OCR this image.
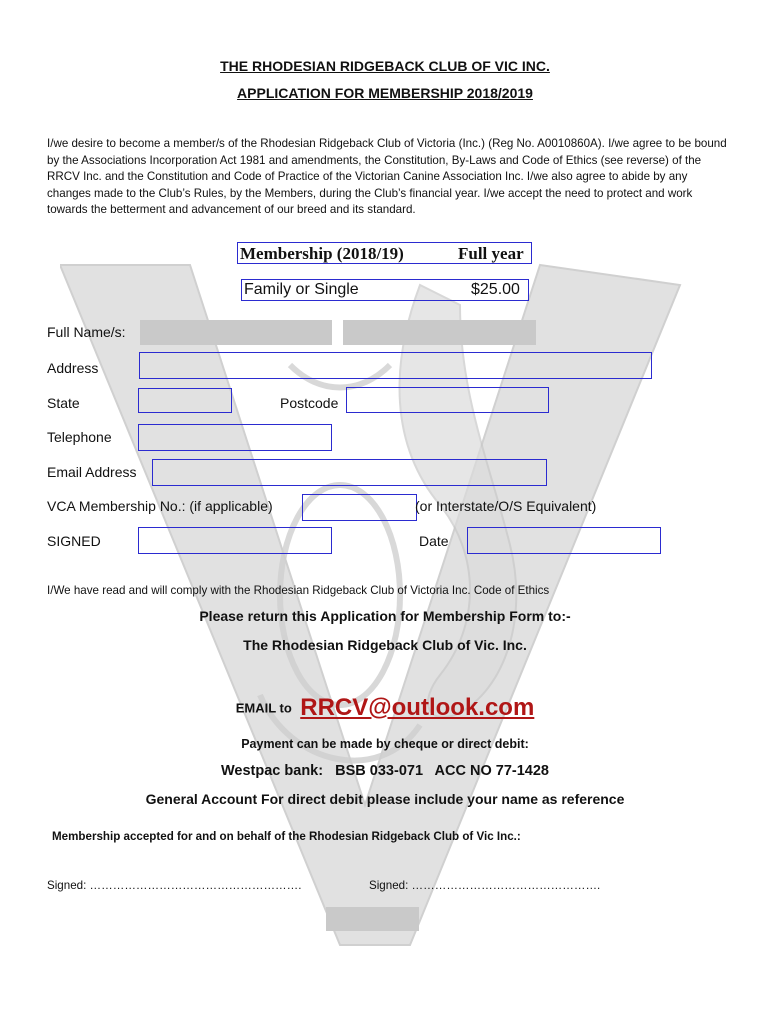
THE RHODESIAN RIDGEBACK CLUB OF VIC INC.
APPLICATION FOR MEMBERSHIP 2018/2019
I/we desire to become a member/s of the Rhodesian Ridgeback Club of Victoria (Inc.) (Reg No. A0010860A). I/we agree to be bound by the Associations Incorporation Act 1981 and amendments, the Constitution, By-Laws and Code of Ethics (see reverse) of the RRCV Inc. and the Constitution and Code of Practice of the Victorian Canine Association Inc. I/we also agree to abide by any changes made to the Club’s Rules, by the Members, during the Club’s financial year. I/we accept the need to protect and work towards the betterment and advancement of our breed and its standard.
Membership (2018/19)	Full year
Family or Single	$25.00
Full Name/s:
Address
State	Postcode
Telephone
Email Address
VCA Membership No.: (if applicable)	(or Interstate/O/S Equivalent)
SIGNED	Date
I/We have read and will comply with the Rhodesian Ridgeback Club of Victoria Inc. Code of Ethics
Please return this Application for Membership Form to:-
The Rhodesian Ridgeback Club of Vic. Inc.
EMAIL to RRCV@outlook.com
Payment can be made by cheque or direct debit:
Westpac bank:   BSB 033-071   ACC NO 77-1428
General Account For direct debit please include your name as reference
Membership accepted for and on behalf of the Rhodesian Ridgeback Club of Vic Inc.:
Signed: ……………………………………………….	Signed: ………………………………………….
